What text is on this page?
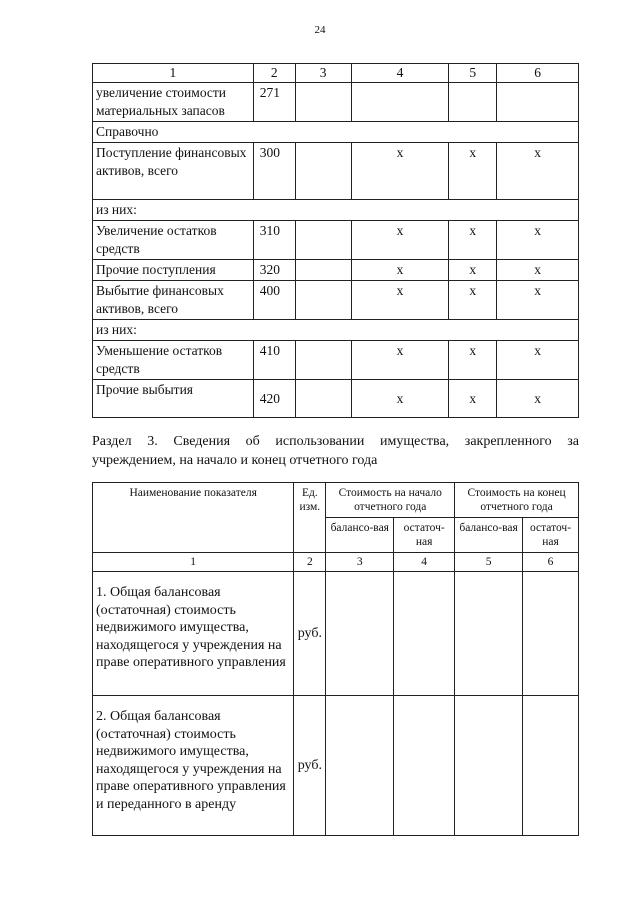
24
1	2	3	4	5	6
увеличение стоимости материальных запасов	271				
Справочно					
Поступление финансовых активов, всего	300		x	x	x
из них:					
Увеличение остатков средств	310		x	x	x
Прочие поступления	320		x	x	x
Выбытие финансовых активов, всего	400		x	x	x
из них:					
Уменьшение остатков средств	410		x	x	x
Прочие выбытия	420		x	x	x
Раздел 3. Сведения об использовании имущества, закрепленного за учреждением, на начало и конец отчетного года
Наименование показателя	Ед. изм.	Стоимость на начало отчетного года		Стоимость на конец отчетного года	
		балансо-вая	остаточ-ная	балансо-вая	остаточ-ная
1	2	3	4	5	6
1. Общая балансовая (остаточная) стоимость недвижимого имущества, находящегося у учреждения на праве оперативного управления	руб.				
2. Общая балансовая (остаточная) стоимость недвижимого имущества, находящегося у учреждения на праве оперативного управления и переданного в аренду	руб.				
